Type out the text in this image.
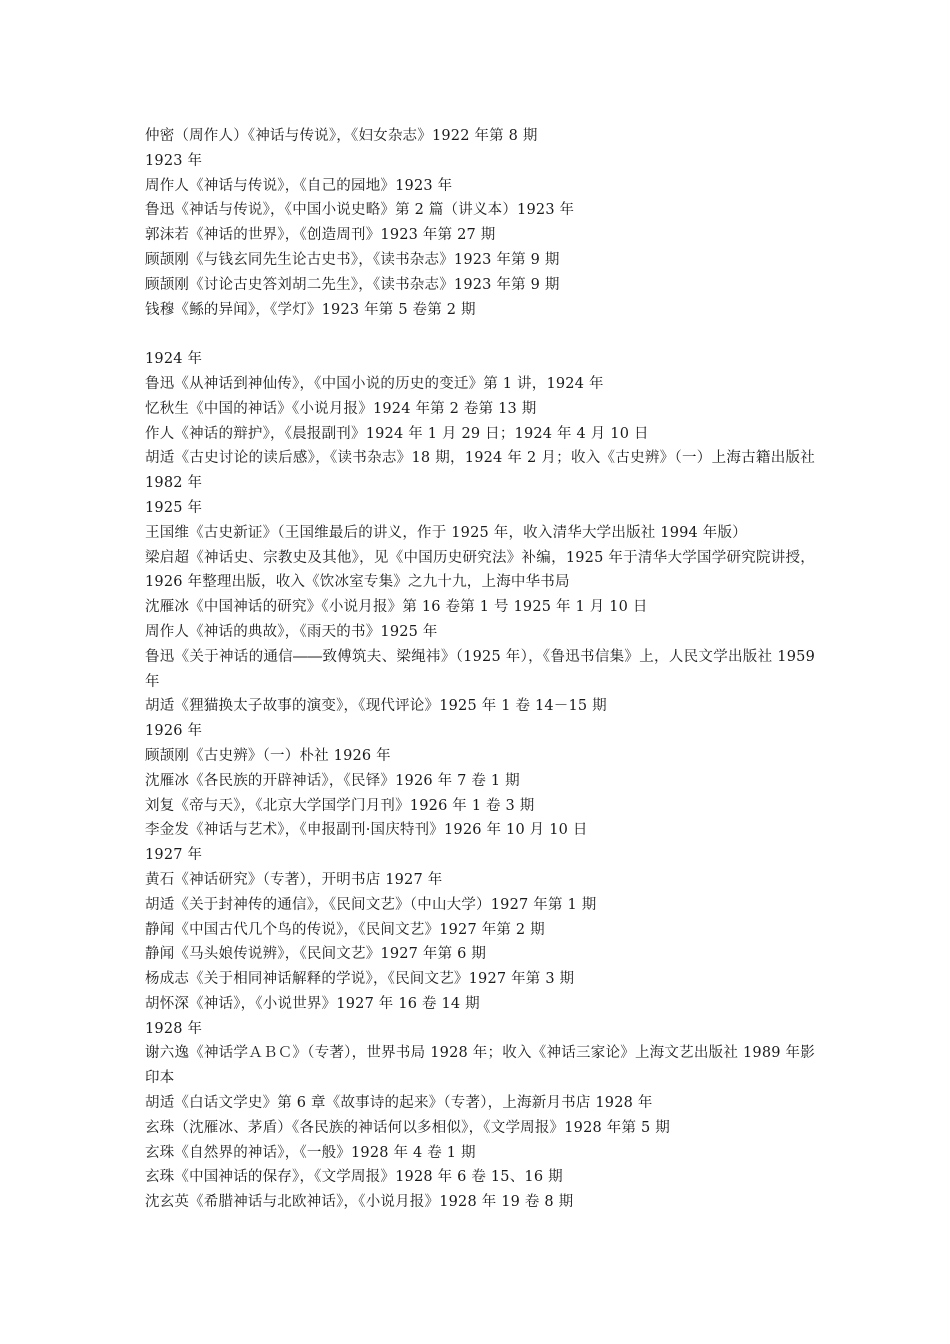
仲密（周作人）《神话与传说》，《妇女杂志》1922 年第 8 期
1923 年
周作人《神话与传说》，《自己的园地》1923 年
鲁迅《神话与传说》，《中国小说史略》第 2 篇（讲义本）1923 年
郭沫若《神话的世界》，《创造周刊》1923 年第 27 期
顾颉刚《与钱玄同先生论古史书》，《读书杂志》1923 年第 9 期
顾颉刚《讨论古史答刘胡二先生》，《读书杂志》1923 年第 9 期
钱穆《鲧的异闻》，《学灯》1923 年第 5 卷第 2 期
1924 年
鲁迅《从神话到神仙传》，《中国小说的历史的变迁》第 1 讲，1924 年
忆秋生《中国的神话》《小说月报》1924 年第 2 卷第 13 期
作人《神话的辩护》，《晨报副刊》1924 年 1 月 29 日；1924 年 4 月 10 日
胡适《古史讨论的读后感》，《读书杂志》18 期，1924 年 2 月；收入《古史辨》（一）上海古籍出版社 1982 年
1925 年
王国维《古史新证》（王国维最后的讲义，作于 1925 年，收入清华大学出版社 1994 年版）
梁启超《神话史、宗教史及其他》，见《中国历史研究法》补编，1925 年于清华大学国学研究院讲授，1926 年整理出版，收入《饮冰室专集》之九十九，上海中华书局
沈雁冰《中国神话的研究》《小说月报》第 16 卷第 1 号 1925 年 1 月 10 日
周作人《神话的典故》，《雨天的书》1925 年
鲁迅《关于神话的通信――致傅筑夫、梁绳祎》（1925 年），《鲁迅书信集》上，人民文学出版社 1959 年
胡适《狸猫换太子故事的演变》，《现代评论》1925 年 1 卷 14－15 期
1926 年
顾颉刚《古史辨》（一）朴社 1926 年
沈雁冰《各民族的开辟神话》，《民铎》1926 年 7 卷 1 期
刘复《帝与天》，《北京大学国学门月刊》1926 年 1 卷 3 期
李金发《神话与艺术》，《申报副刊·国庆特刊》1926 年 10 月 10 日
1927 年
黄石《神话研究》（专著），开明书店 1927 年
胡适《关于封神传的通信》，《民间文艺》（中山大学）1927 年第 1 期
静闻《中国古代几个鸟的传说》，《民间文艺》1927 年第 2 期
静闻《马头娘传说辨》，《民间文艺》1927 年第 6 期
杨成志《关于相同神话解释的学说》，《民间文艺》1927 年第 3 期
胡怀深《神话》，《小说世界》1927 年 16 卷 14 期
1928 年
谢六逸《神话学ＡＢＣ》（专著），世界书局 1928 年；收入《神话三家论》上海文艺出版社 1989 年影印本
胡适《白话文学史》第 6 章《故事诗的起来》（专著），上海新月书店 1928 年
玄珠（沈雁冰、茅盾）《各民族的神话何以多相似》，《文学周报》1928 年第 5 期
玄珠《自然界的神话》，《一般》1928 年 4 卷 1 期
玄珠《中国神话的保存》，《文学周报》1928 年 6 卷 15、16 期
沈玄英《希腊神话与北欧神话》，《小说月报》1928 年 19 卷 8 期
